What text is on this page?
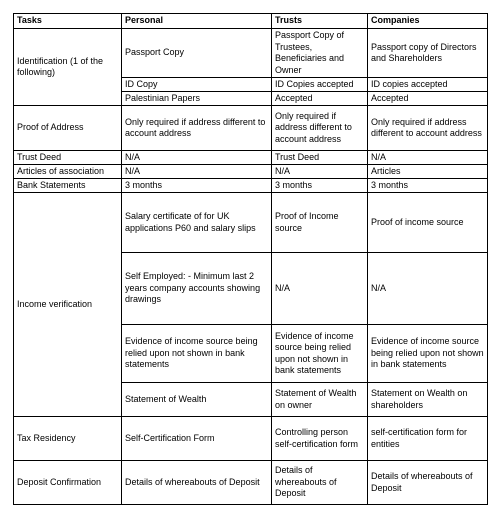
Tasks	Personal	Trusts	Companies
Identification (1 of the following)	Passport Copy	Passport Copy of Trustees, Beneficiaries and Owner	Passport copy of Directors and Shareholders
	ID Copy	ID Copies accepted	ID copies accepted
	Palestinian Papers	Accepted	Accepted
Proof of Address	Only required if address different to account address	Only required if address different to account address	Only required if address different to account address
Trust Deed	N/A	Trust Deed	N/A
Articles of association	N/A	N/A	Articles
Bank Statements	3 months	3 months	3 months
Income verification	Salary certificate of for UK applications P60 and salary slips	Proof of Income source	Proof of income source
	Self Employed: - Minimum last 2 years company accounts showing drawings	N/A	N/A
	Evidence of income source being relied upon not shown in bank statements	Evidence of income source being relied upon not shown in bank statements	Evidence of income source being relied upon not shown in bank statements
	Statement of Wealth	Statement of Wealth on owner	Statement on Wealth on shareholders
Tax Residency	Self-Certification Form	Controlling person self-certification form	self-certification form for entities
Deposit Confirmation	Details of whereabouts of Deposit	Details of whereabouts of Deposit	Details of whereabouts of Deposit
